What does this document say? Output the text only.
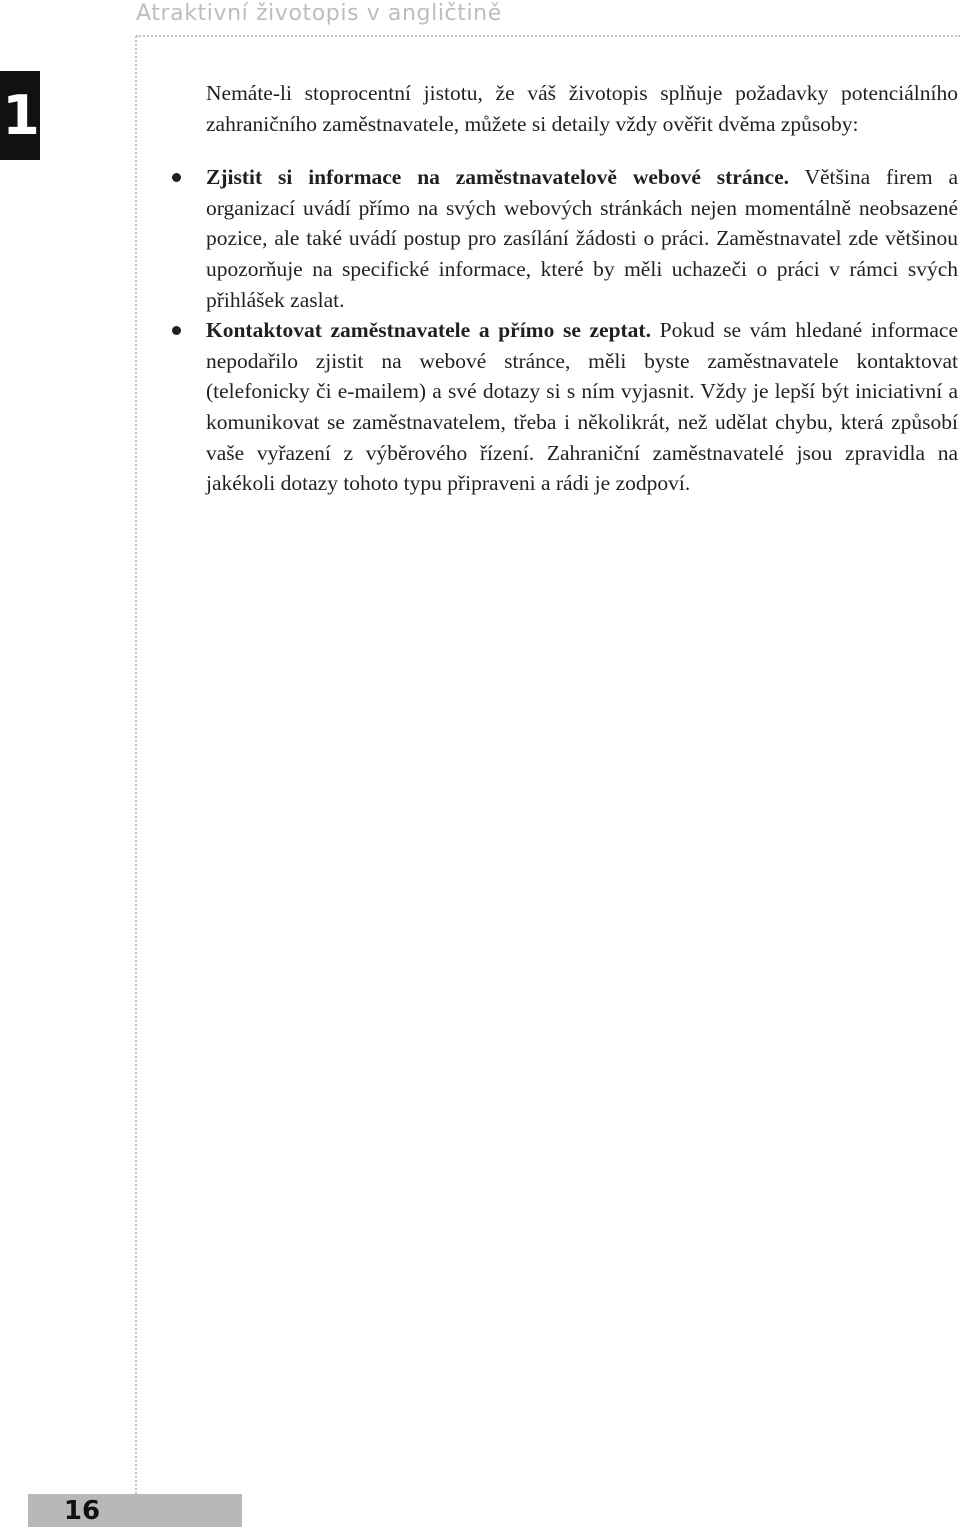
Atraktivní životopis v angličtině
1	Nemáte-li stoprocentní jistotu, že váš životopis splňuje požadavky potenciálního zahraničního zaměstnavatele, můžete si detaily vždy ověřit dvěma způsoby:

Zjistit si informace na zaměstnavatelově webové stránce. Většina firem a organizací uvádí přímo na svých webových stránkách nejen momentálně neobsazené pozice, ale také uvádí postup pro zasílání žádosti o práci. Zaměstnavatel zde většinou upozorňuje na specifické informace, které by měli uchazeči o práci v rámci svých přihlášek zaslat.
Kontaktovat zaměstnavatele a přímo se zeptat. Pokud se vám hledané informace nepodařilo zjistit na webové stránce, měli byste zaměstnavatele kontaktovat (telefonicky či e-mailem) a své dotazy si s ním vyjasnit. Vždy je lepší být iniciativní a komunikovat se zaměstnavatelem, třeba i několikrát, než udělat chybu, která způsobí vaše vyřazení z výběrového řízení. Zahraniční zaměstnavatelé jsou zpravidla na jakékoli dotazy tohoto typu připraveni a rádi je zodpoví.
16
